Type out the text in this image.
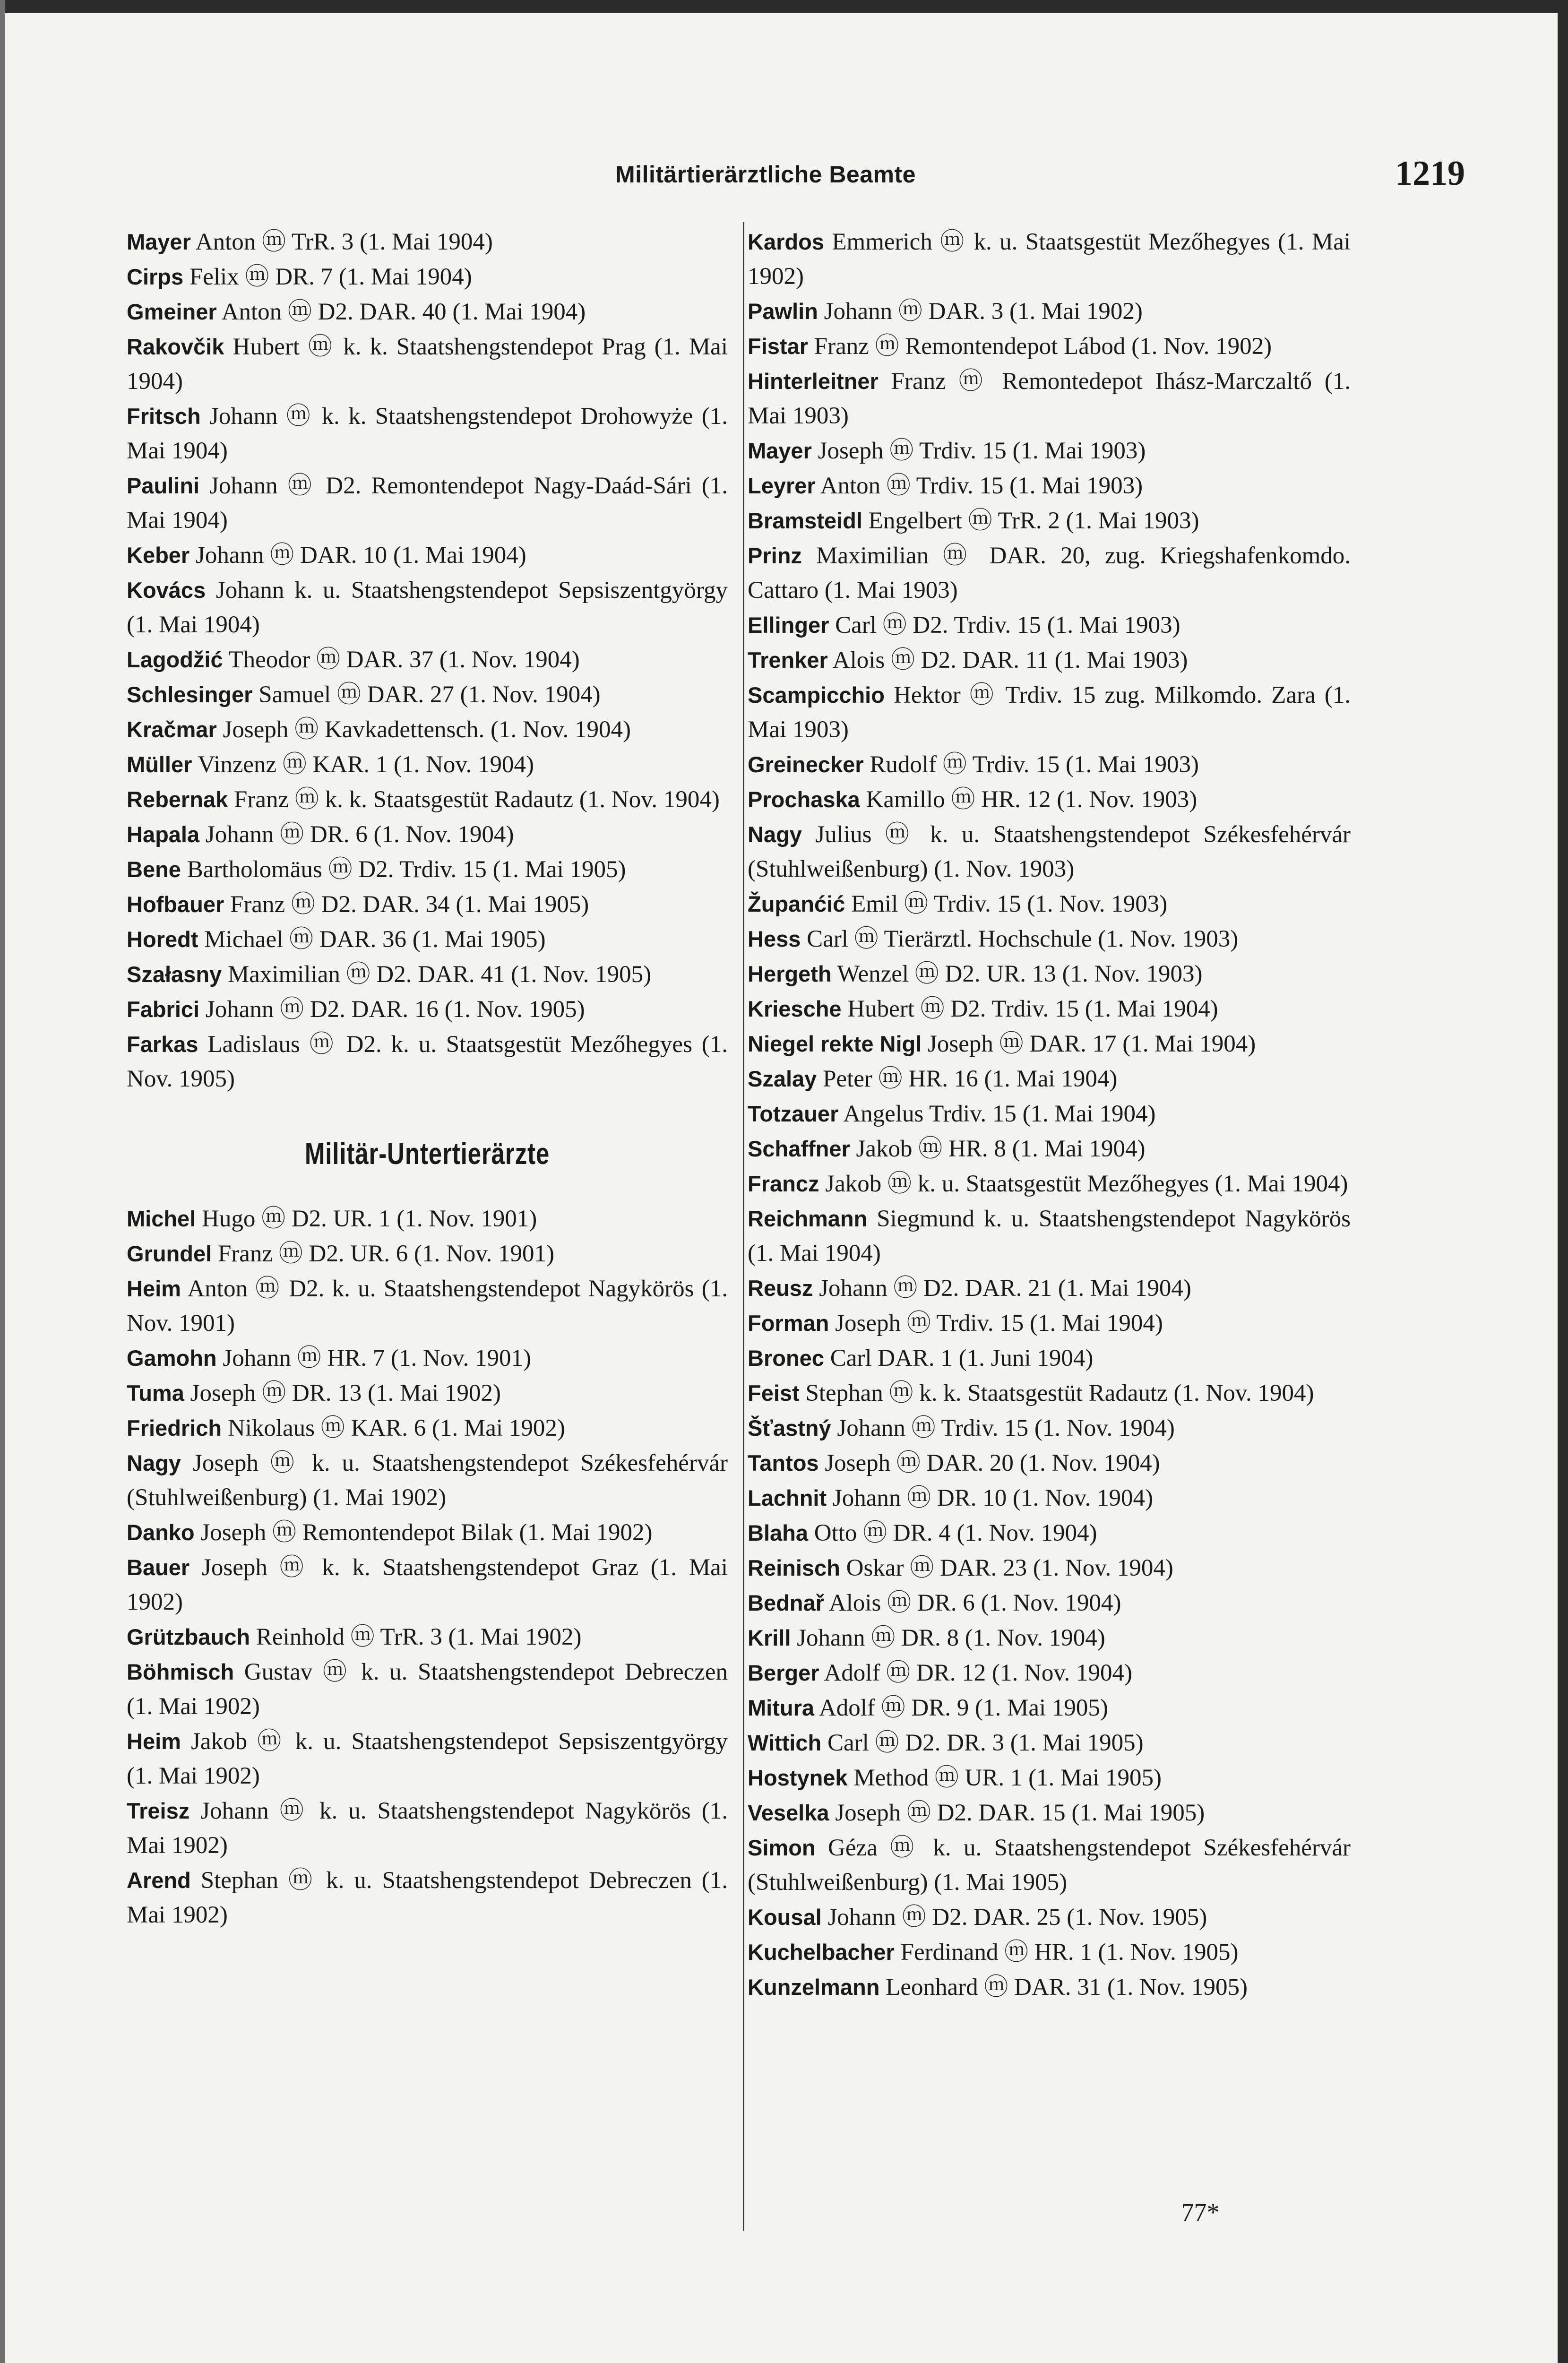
Militärtierärztliche Beamte	1219

Mayer Anton ⓜ TrR. 3 (1. Mai 1904)

Cirps Felix ⓜ DR. 7 (1. Mai 1904)

Gmeiner Anton ⓜ D2. DAR. 40 (1. Mai 1904)

Rakovčik Hubert ⓜ k. k. Staatshengstendepot Prag (1. Mai 1904)

Fritsch Johann ⓜ k. k. Staatshengstendepot Drohowyże (1. Mai 1904)

Paulini Johann ⓜ D2. Remontendepot Nagy-Daád-Sári (1. Mai 1904)

Keber Johann ⓜ DAR. 10 (1. Mai 1904)

Kovács Johann k. u. Staatshengstendepot Sepsiszentgyörgy (1. Mai 1904)

Lagodžić Theodor ⓜ DAR. 37 (1. Nov. 1904)

Schlesinger Samuel ⓜ DAR. 27 (1. Nov. 1904)

Kračmar Joseph ⓜ Kavkadettensch. (1. Nov. 1904)

Müller Vinzenz ⓜ KAR. 1 (1. Nov. 1904)

Rebernak Franz ⓜ k. k. Staatsgestüt Radautz (1. Nov. 1904)

Hapala Johann ⓜ DR. 6 (1. Nov. 1904)

Bene Bartholomäus ⓜ D2. Trdiv. 15 (1. Mai 1905)

Hofbauer Franz ⓜ D2. DAR. 34 (1. Mai 1905)

Horedt Michael ⓜ DAR. 36 (1. Mai 1905)

Szałasny Maximilian ⓜ D2. DAR. 41 (1. Nov. 1905)

Fabrici Johann ⓜ D2. DAR. 16 (1. Nov. 1905)

Farkas Ladislaus ⓜ D2. k. u. Staatsgestüt Mezőhegyes (1. Nov. 1905)

Militär-Untertierärzte

Michel Hugo ⓜ D2. UR. 1 (1. Nov. 1901)

Grundel Franz ⓜ D2. UR. 6 (1. Nov. 1901)

Heim Anton ⓜ D2. k. u. Staatshengstendepot Nagykörös (1. Nov. 1901)

Gamohn Johann ⓜ HR. 7 (1. Nov. 1901)

Tuma Joseph ⓜ DR. 13 (1. Mai 1902)

Friedrich Nikolaus ⓜ KAR. 6 (1. Mai 1902)

Nagy Joseph ⓜ k. u. Staatshengstendepot Székesfehérvár (Stuhlweißenburg) (1. Mai 1902)

Danko Joseph ⓜ Remontendepot Bilak (1. Mai 1902)

Bauer Joseph ⓜ k. k. Staatshengstendepot Graz (1. Mai 1902)

Grützbauch Reinhold ⓜ TrR. 3 (1. Mai 1902)

Böhmisch Gustav ⓜ k. u. Staatshengstendepot Debreczen (1. Mai 1902)

Heim Jakob ⓜ k. u. Staatshengstendepot Sepsiszentgyörgy (1. Mai 1902)

Treisz Johann ⓜ k. u. Staatshengstendepot Nagykörös (1. Mai 1902)

Arend Stephan ⓜ k. u. Staatshengstendepot Debreczen (1. Mai 1902)

Kardos Emmerich ⓜ k. u. Staatsgestüt Mezőhegyes (1. Mai 1902)

Pawlin Johann ⓜ DAR. 3 (1. Mai 1902)

Fistar Franz ⓜ Remontendepot Lábod (1. Nov. 1902)

Hinterleitner Franz ⓜ Remontedepot Ihász-Marczaltő (1. Mai 1903)

Mayer Joseph ⓜ Trdiv. 15 (1. Mai 1903)

Leyrer Anton ⓜ Trdiv. 15 (1. Mai 1903)

Bramsteidl Engelbert ⓜ TrR. 2 (1. Mai 1903)

Prinz Maximilian ⓜ DAR. 20, zug. Kriegshafenkomdo. Cattaro (1. Mai 1903)

Ellinger Carl ⓜ D2. Trdiv. 15 (1. Mai 1903)

Trenker Alois ⓜ D2. DAR. 11 (1. Mai 1903)

Scampicchio Hektor ⓜ Trdiv. 15 zug. Milkomdo. Zara (1. Mai 1903)

Greinecker Rudolf ⓜ Trdiv. 15 (1. Mai 1903)

Prochaska Kamillo ⓜ HR. 12 (1. Nov. 1903)

Nagy Julius ⓜ k. u. Staatshengstendepot Székesfehérvár (Stuhlweißenburg) (1. Nov. 1903)

Županćić Emil ⓜ Trdiv. 15 (1. Nov. 1903)

Hess Carl ⓜ Tierärztl. Hochschule (1. Nov. 1903)

Hergeth Wenzel ⓜ D2. UR. 13 (1. Nov. 1903)

Kriesche Hubert ⓜ D2. Trdiv. 15 (1. Mai 1904)

Niegel rekte Nigl Joseph ⓜ DAR. 17 (1. Mai 1904)

Szalay Peter ⓜ HR. 16 (1. Mai 1904)

Totzauer Angelus Trdiv. 15 (1. Mai 1904)

Schaffner Jakob ⓜ HR. 8 (1. Mai 1904)

Francz Jakob ⓜ k. u. Staatsgestüt Mezőhegyes (1. Mai 1904)

Reichmann Siegmund k. u. Staatshengstendepot Nagykörös (1. Mai 1904)

Reusz Johann ⓜ D2. DAR. 21 (1. Mai 1904)

Forman Joseph ⓜ Trdiv. 15 (1. Mai 1904)

Bronec Carl DAR. 1 (1. Juni 1904)

Feist Stephan ⓜ k. k. Staatsgestüt Radautz (1. Nov. 1904)

Šťastný Johann ⓜ Trdiv. 15 (1. Nov. 1904)

Tantos Joseph ⓜ DAR. 20 (1. Nov. 1904)

Lachnit Johann ⓜ DR. 10 (1. Nov. 1904)

Blaha Otto ⓜ DR. 4 (1. Nov. 1904)

Reinisch Oskar ⓜ DAR. 23 (1. Nov. 1904)

Bednař Alois ⓜ DR. 6 (1. Nov. 1904)

Krill Johann ⓜ DR. 8 (1. Nov. 1904)

Berger Adolf ⓜ DR. 12 (1. Nov. 1904)

Mitura Adolf ⓜ DR. 9 (1. Mai 1905)

Wittich Carl ⓜ D2. DR. 3 (1. Mai 1905)

Hostynek Method ⓜ UR. 1 (1. Mai 1905)

Veselka Joseph ⓜ D2. DAR. 15 (1. Mai 1905)

Simon Géza ⓜ k. u. Staatshengstendepot Székesfehérvár (Stuhlweißenburg) (1. Mai 1905)

Kousal Johann ⓜ D2. DAR. 25 (1. Nov. 1905)

Kuchelbacher Ferdinand ⓜ HR. 1 (1. Nov. 1905)

Kunzelmann Leonhard ⓜ DAR. 31 (1. Nov. 1905)

77*
